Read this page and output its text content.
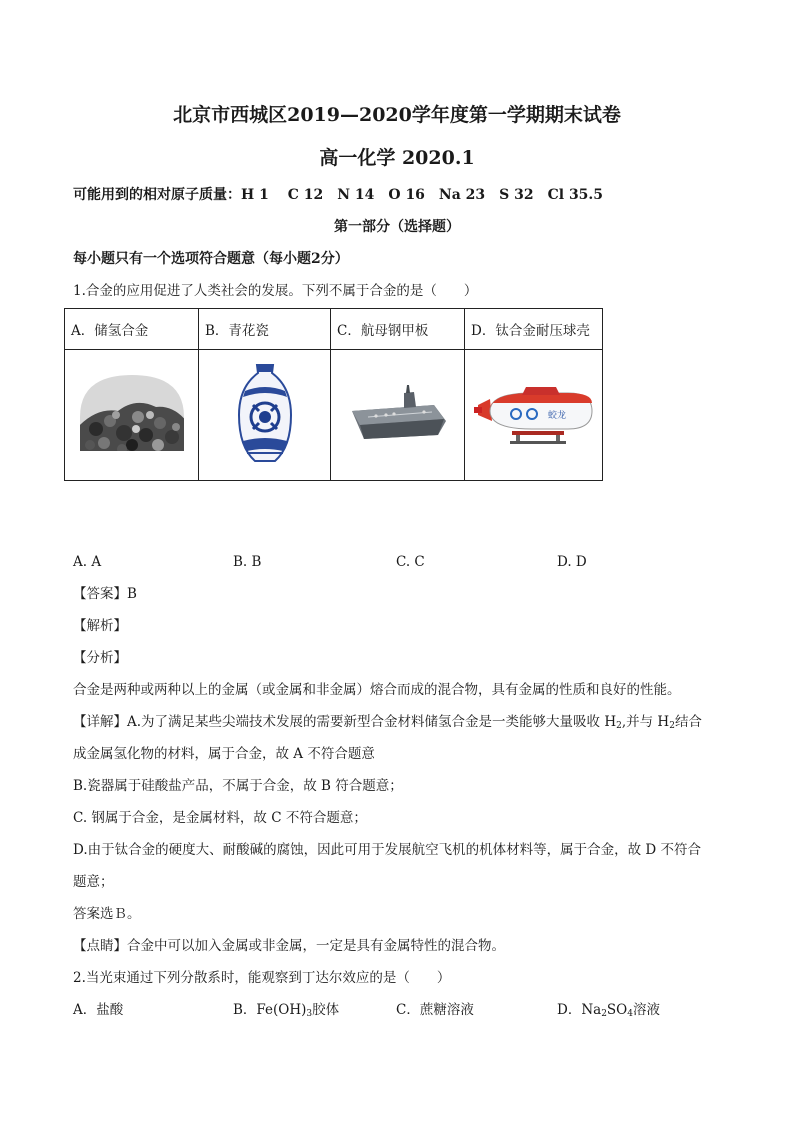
北京市西城区2019—2020学年度第一学期期末试卷
高一化学 2020.1
可能用到的相对原子质量：H 1　 C 12　N 14　O 16　Na 23　S 32　Cl 35.5
第一部分（选择题）
每小题只有一个选项符合题意（每小题2分）
1.合金的应用促进了人类社会的发展。下列不属于合金的是（　　）
A．储氢合金	B．青花瓷	C．航母钢甲板	D．钛合金耐压球壳

蛟龙
A. A	B. B	C. C	D. D
【答案】B
【解析】
【分析】
合金是两种或两种以上的金属（或金属和非金属）熔合而成的混合物，具有金属的性质和良好的性能。
【详解】A.为了满足某些尖端技术发展的需要新型合金材料储氢合金是一类能够大量吸收 $H_2$,并与 $H_2$结合
成金属氢化物的材料，属于合金，故 A 不符合题意
B.瓷器属于硅酸盐产品，不属于合金，故 B 符合题意；
C. 钢属于合金，是金属材料，故 C 不符合题意；
D.由于钛合金的硬度大、耐酸碱的腐蚀，因此可用于发展航空飞机的机体材料等，属于合金，故 D 不符合
题意；
答案选Ｂ。
【点睛】合金中可以加入金属或非金属，一定是具有金属特性的混合物。
2.当光束通过下列分散系时，能观察到丁达尔效应的是（　　）
A．盐酸	B．$Fe(OH)_3$胶体	C．蔗糖溶液	D．$Na_2SO_4$溶液
